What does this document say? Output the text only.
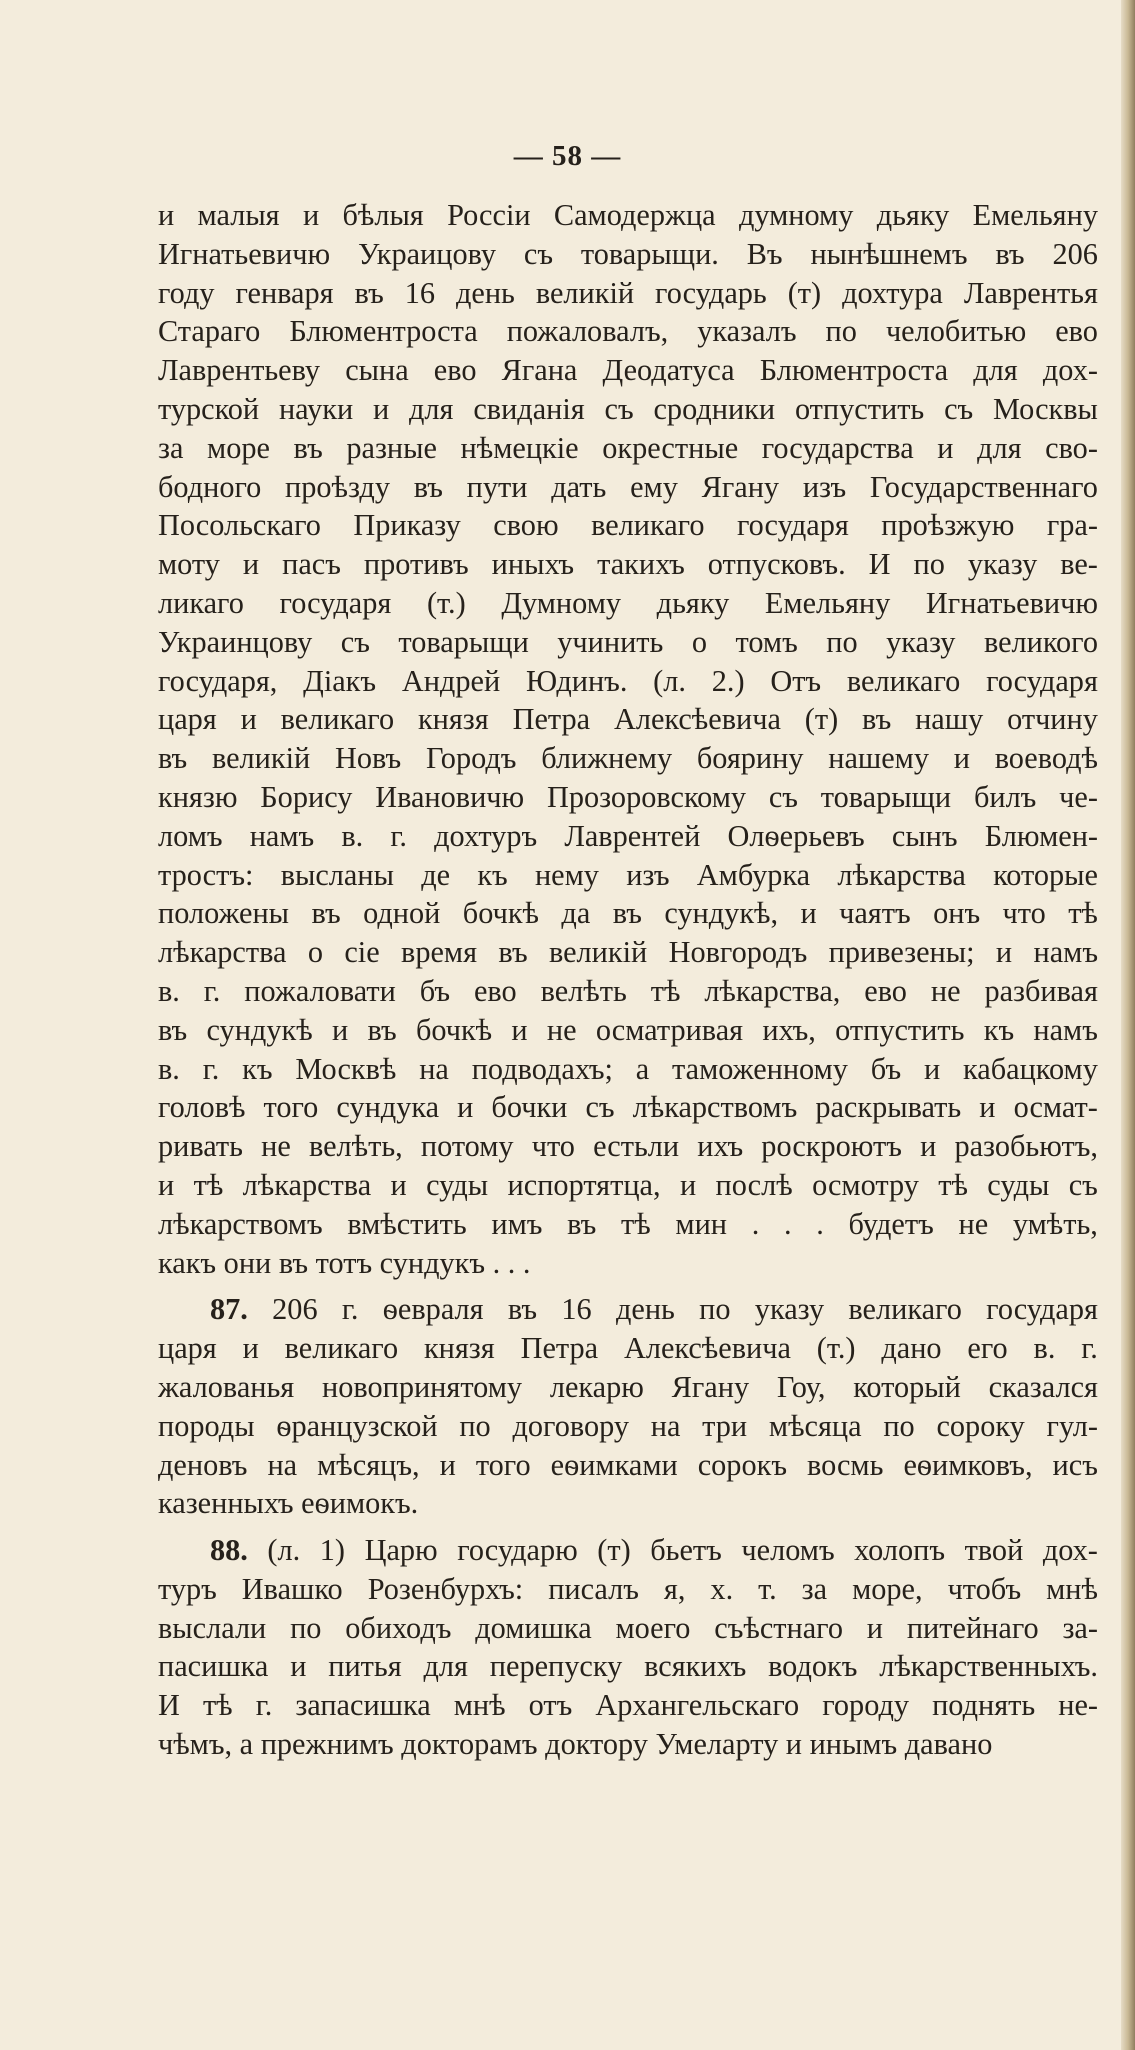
— 58 —
и малыя и бѣлыя Россіи Самодержца думному дьяку Емельяну
Игнатьевичю Украицову съ товарыщи. Въ нынѣшнемъ въ 206
году генваря въ 16 день великій государь (т) дохтура Лаврентья
Стараго Блюментроста пожаловалъ, указалъ по челобитью ево
Лаврентьеву сына ево Ягана Деодатуса Блюментроста для дох-
турской науки и для свиданія съ сродники отпустить съ Москвы
за море въ разные нѣмецкіе окрестные государства и для сво-
бодного проѣзду въ пути дать ему Ягану изъ Государственнаго
Посольскаго Приказу свою великаго государя проѣзжую гра-
моту и пасъ противъ иныхъ такихъ отпусковъ. И по указу ве-
ликаго государя (т.) Думному дьяку Емельяну Игнатьевичю
Украинцову съ товарыщи учинить о томъ по указу великого
государя, Діакъ Андрей Юдинъ. (л. 2.) Отъ великаго государя
царя и великаго князя Петра Алексѣевича (т) въ нашу отчину
въ великій Новъ Городъ ближнему боярину нашему и воеводѣ
князю Борису Ивановичю Прозоровскому съ товарыщи билъ че-
ломъ намъ в. г. дохтуръ Лаврентей Олѳерьевъ сынъ Блюмен-
тростъ: высланы де къ нему изъ Амбурка лѣкарства которые
положены въ одной бочкѣ да въ сундукѣ, и чаятъ онъ что тѣ
лѣкарства о сіе время въ великій Новгородъ привезены; и намъ
в. г. пожаловати бъ ево велѣть тѣ лѣкарства, ево не разбивая
въ сундукѣ и въ бочкѣ и не осматривая ихъ, отпустить къ намъ
в. г. къ Москвѣ на подводахъ; а таможенному бъ и кабацкому
головѣ того сундука и бочки съ лѣкарствомъ раскрывать и осмат-
ривать не велѣть, потому что естьли ихъ роскроютъ и разобьютъ,
и тѣ лѣкарства и суды испортятца, и послѣ осмотру тѣ суды съ
лѣкарствомъ вмѣстить имъ въ тѣ мин . . . будетъ не умѣть,
какъ они въ тотъ сундукъ . . .
87. 206 г. ѳевраля въ 16 день по указу великаго государя
царя и великаго князя Петра Алексѣевича (т.) дано его в. г.
жалованья новопринятому лекарю Ягану Гоу, который сказался
породы ѳранцузской по договору на три мѣсяца по сороку гул-
деновъ на мѣсяцъ, и того еѳимками сорокъ восмь еѳимковъ, исъ
казенныхъ еѳимокъ.
88. (л. 1) Царю государю (т) бьетъ челомъ холопъ твой дох-
туръ Ивашко Розенбурхъ: писалъ я, х. т. за море, чтобъ мнѣ
выслали по обиходъ домишка моего съѣстнаго и питейнаго за-
пасишка и питья для перепуску всякихъ водокъ лѣкарственныхъ.
И тѣ г. запасишка мнѣ отъ Архангельскаго городу поднять не-
чѣмъ, а прежнимъ докторамъ доктору Умеларту и инымъ давано
